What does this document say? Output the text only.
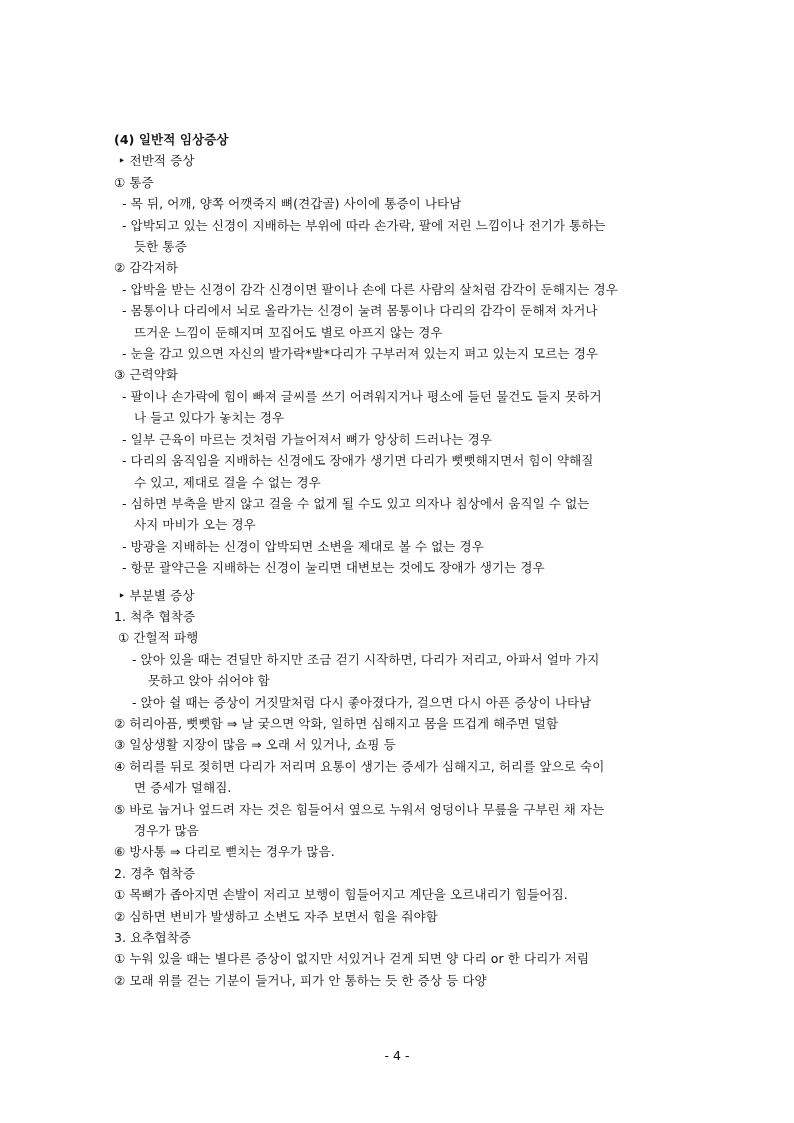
(4) 일반적 임상증상
‣ 전반적 증상
① 통증
- 목 뒤, 어깨, 양쪽 어깻죽지 뼈(견갑골) 사이에 통증이 나타남
- 압박되고 있는 신경이 지배하는 부위에 따라 손가락, 팔에 저린 느낌이나 전기가 통하는
듯한 통증
② 감각저하
- 압박을 받는 신경이 감각 신경이면 팔이나 손에 다른 사람의 살처럼 감각이 둔해지는 경우
- 몸통이나 다리에서 뇌로 올라가는 신경이 눌려 몸통이나 다리의 감각이 둔해져 차거나
뜨거운 느낌이 둔해지며 꼬집어도 별로 아프지 않는 경우
- 눈을 감고 있으면 자신의 발가락*발*다리가 구부러져 있는지 펴고 있는지 모르는 경우
③ 근력약화
- 팔이나 손가락에 힘이 빠져 글씨를 쓰기 어려워지거나 평소에 들던 물건도 들지 못하거
나 들고 있다가 놓치는 경우
- 일부 근육이 마르는 것처럼 가늘어져서 뼈가 앙상히 드러나는 경우
- 다리의 움직임을 지배하는 신경에도 장애가 생기면 다리가 뻣뻣해지면서 힘이 약해질
수 있고, 제대로 걸을 수 없는 경우
- 심하면 부축을 받지 않고 걸을 수 없게 될 수도 있고 의자나 침상에서 움직일 수 없는
사지 마비가 오는 경우
- 방광을 지배하는 신경이 압박되면 소변을 제대로 볼 수 없는 경우
- 항문 괄약근을 지배하는 신경이 눌리면 대변보는 것에도 장애가 생기는 경우
‣ 부분별 증상
1. 척추 협착증
① 간헐적 파행
- 앉아 있을 때는 견딜만 하지만 조금 걷기 시작하면, 다리가 저리고, 아파서 얼마 가지
못하고 앉아 쉬어야 함
- 앉아 쉴 때는 증상이 거짓말처럼 다시 좋아졌다가, 걸으면 다시 아픈 증상이 나타남
② 허리아픔, 뻣뻣함 ⇒ 날 궂으면 악화, 일하면 심해지고 몸을 뜨겁게 해주면 덜함
③ 일상생활 지장이 많음 ⇒ 오래 서 있거나, 쇼핑 등
④ 허리를 뒤로 젖히면 다리가 저리며 요통이 생기는 증세가 심해지고, 허리를 앞으로 숙이
면 증세가 덜해짐.
⑤ 바로 눕거나 엎드려 자는 것은 힘들어서 옆으로 누워서 엉덩이나 무릎을 구부린 채 자는
경우가 많음
⑥ 방사통 ⇒ 다리로 뻗치는 경우가 많음.
2. 경추 협착증
① 목뼈가 좁아지면 손발이 저리고 보행이 힘들어지고 계단을 오르내리기 힘들어짐.
② 심하면 변비가 발생하고 소변도 자주 보면서 힘을 줘야함
3. 요추협착증
① 누워 있을 때는 별다른 증상이 없지만 서있거나 걷게 되면 양 다리 or 한 다리가 저림
② 모래 위를 걷는 기분이 들거나, 피가 안 통하는 듯 한 증상 등 다양
- 4 -
